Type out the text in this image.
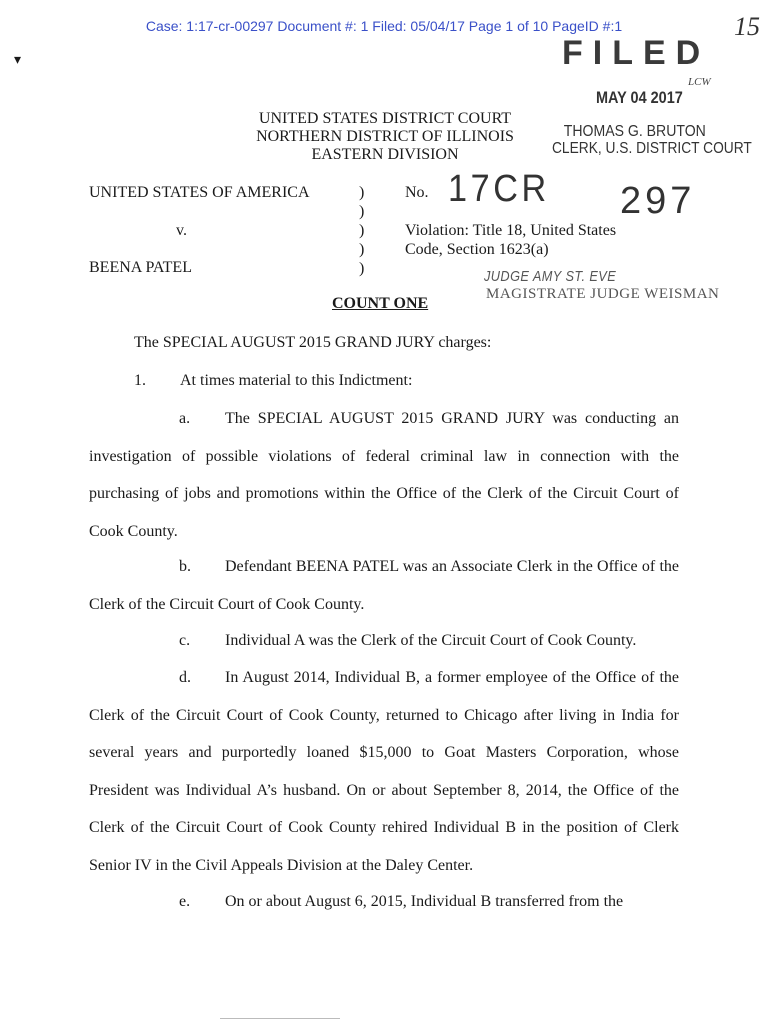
Case: 1:17-cr-00297 Document #: 1 Filed: 05/04/17 Page 1 of 10 PageID #:1	15
▾	FILED
LCW
MAY 04 2017
THOMAS G. BRUTON
CLERK, U.S. DISTRICT COURT
UNITED STATES DISTRICT COURT
NORTHERN DISTRICT OF ILLINOIS
EASTERN DIVISION
UNITED STATES OF AMERICA
v.
BEENA PATEL
)
)
)
)
)
No. 17CR 297
Violation: Title 18, United States
Code, Section 1623(a)
JUDGE AMY ST. EVE
MAGISTRATE JUDGE WEISMAN
COUNT ONE
The SPECIAL AUGUST 2015 GRAND JURY charges:
1. At times material to this Indictment:
a. The SPECIAL AUGUST 2015 GRAND JURY was conducting an investigation of possible violations of federal criminal law in connection with the purchasing of jobs and promotions within the Office of the Clerk of the Circuit Court of Cook County.
b. Defendant BEENA PATEL was an Associate Clerk in the Office of the Clerk of the Circuit Court of Cook County.
c. Individual A was the Clerk of the Circuit Court of Cook County.
d. In August 2014, Individual B, a former employee of the Office of the Clerk of the Circuit Court of Cook County, returned to Chicago after living in India for several years and purportedly loaned $15,000 to Goat Masters Corporation, whose President was Individual A’s husband. On or about September 8, 2014, the Office of the Clerk of the Circuit Court of Cook County rehired Individual B in the position of Clerk Senior IV in the Civil Appeals Division at the Daley Center.
e. On or about August 6, 2015, Individual B transferred from the
